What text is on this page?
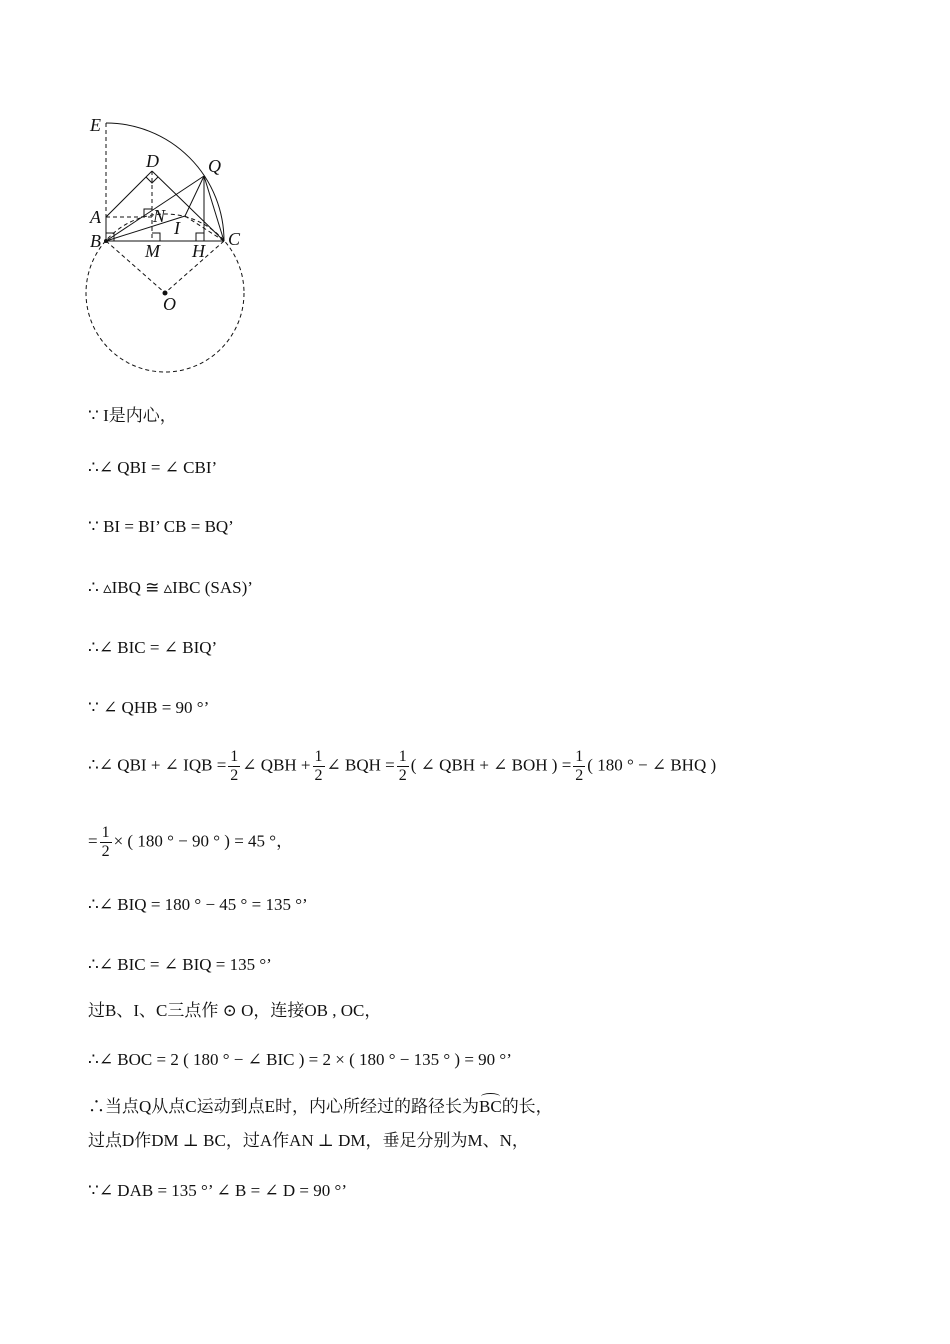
E
D	Q
A	N
I
B	C
M H
O
∵ I是内心，
∴∠ QBI = ∠ CBI’
∵ BI = BI’ CB = BQ’
∴ ▵IBQ ≅ ▵IBC (SAS)’
∴∠ BIC = ∠ BIQ’
∵ ∠ QHB = 90 °’
∴∠ QBI + ∠ IQB = $\frac{1}{2}$ ∠ QBH + $\frac{1}{2}$ ∠ BQH = $\frac{1}{2}$ ( ∠ QBH + ∠ BOH ) = $\frac{1}{2}$ ( 180 ° − ∠ BHQ )
= $\frac{1}{2}$ × ( 180 ° − 90 ° ) = 45 °，
∴∠ BIQ = 180 ° − 45 ° = 135 °’
∴∠ BIC = ∠ BIQ = 135 °’
过B、I、C三点作 ⊙ O，连接OB , OC，
∴∠ BOC = 2 ( 180 ° − ∠ BIC ) = 2 × ( 180 ° − 135 ° ) = 90 °’
∴当点Q从点C运动到点E时，内心所经过的路径长为BC的长，
过点D作DM ⊥ BC，过A作AN ⊥ DM，垂足分别为M、N，
∵∠ DAB = 135 °’ ∠ B = ∠ D = 90 °’
